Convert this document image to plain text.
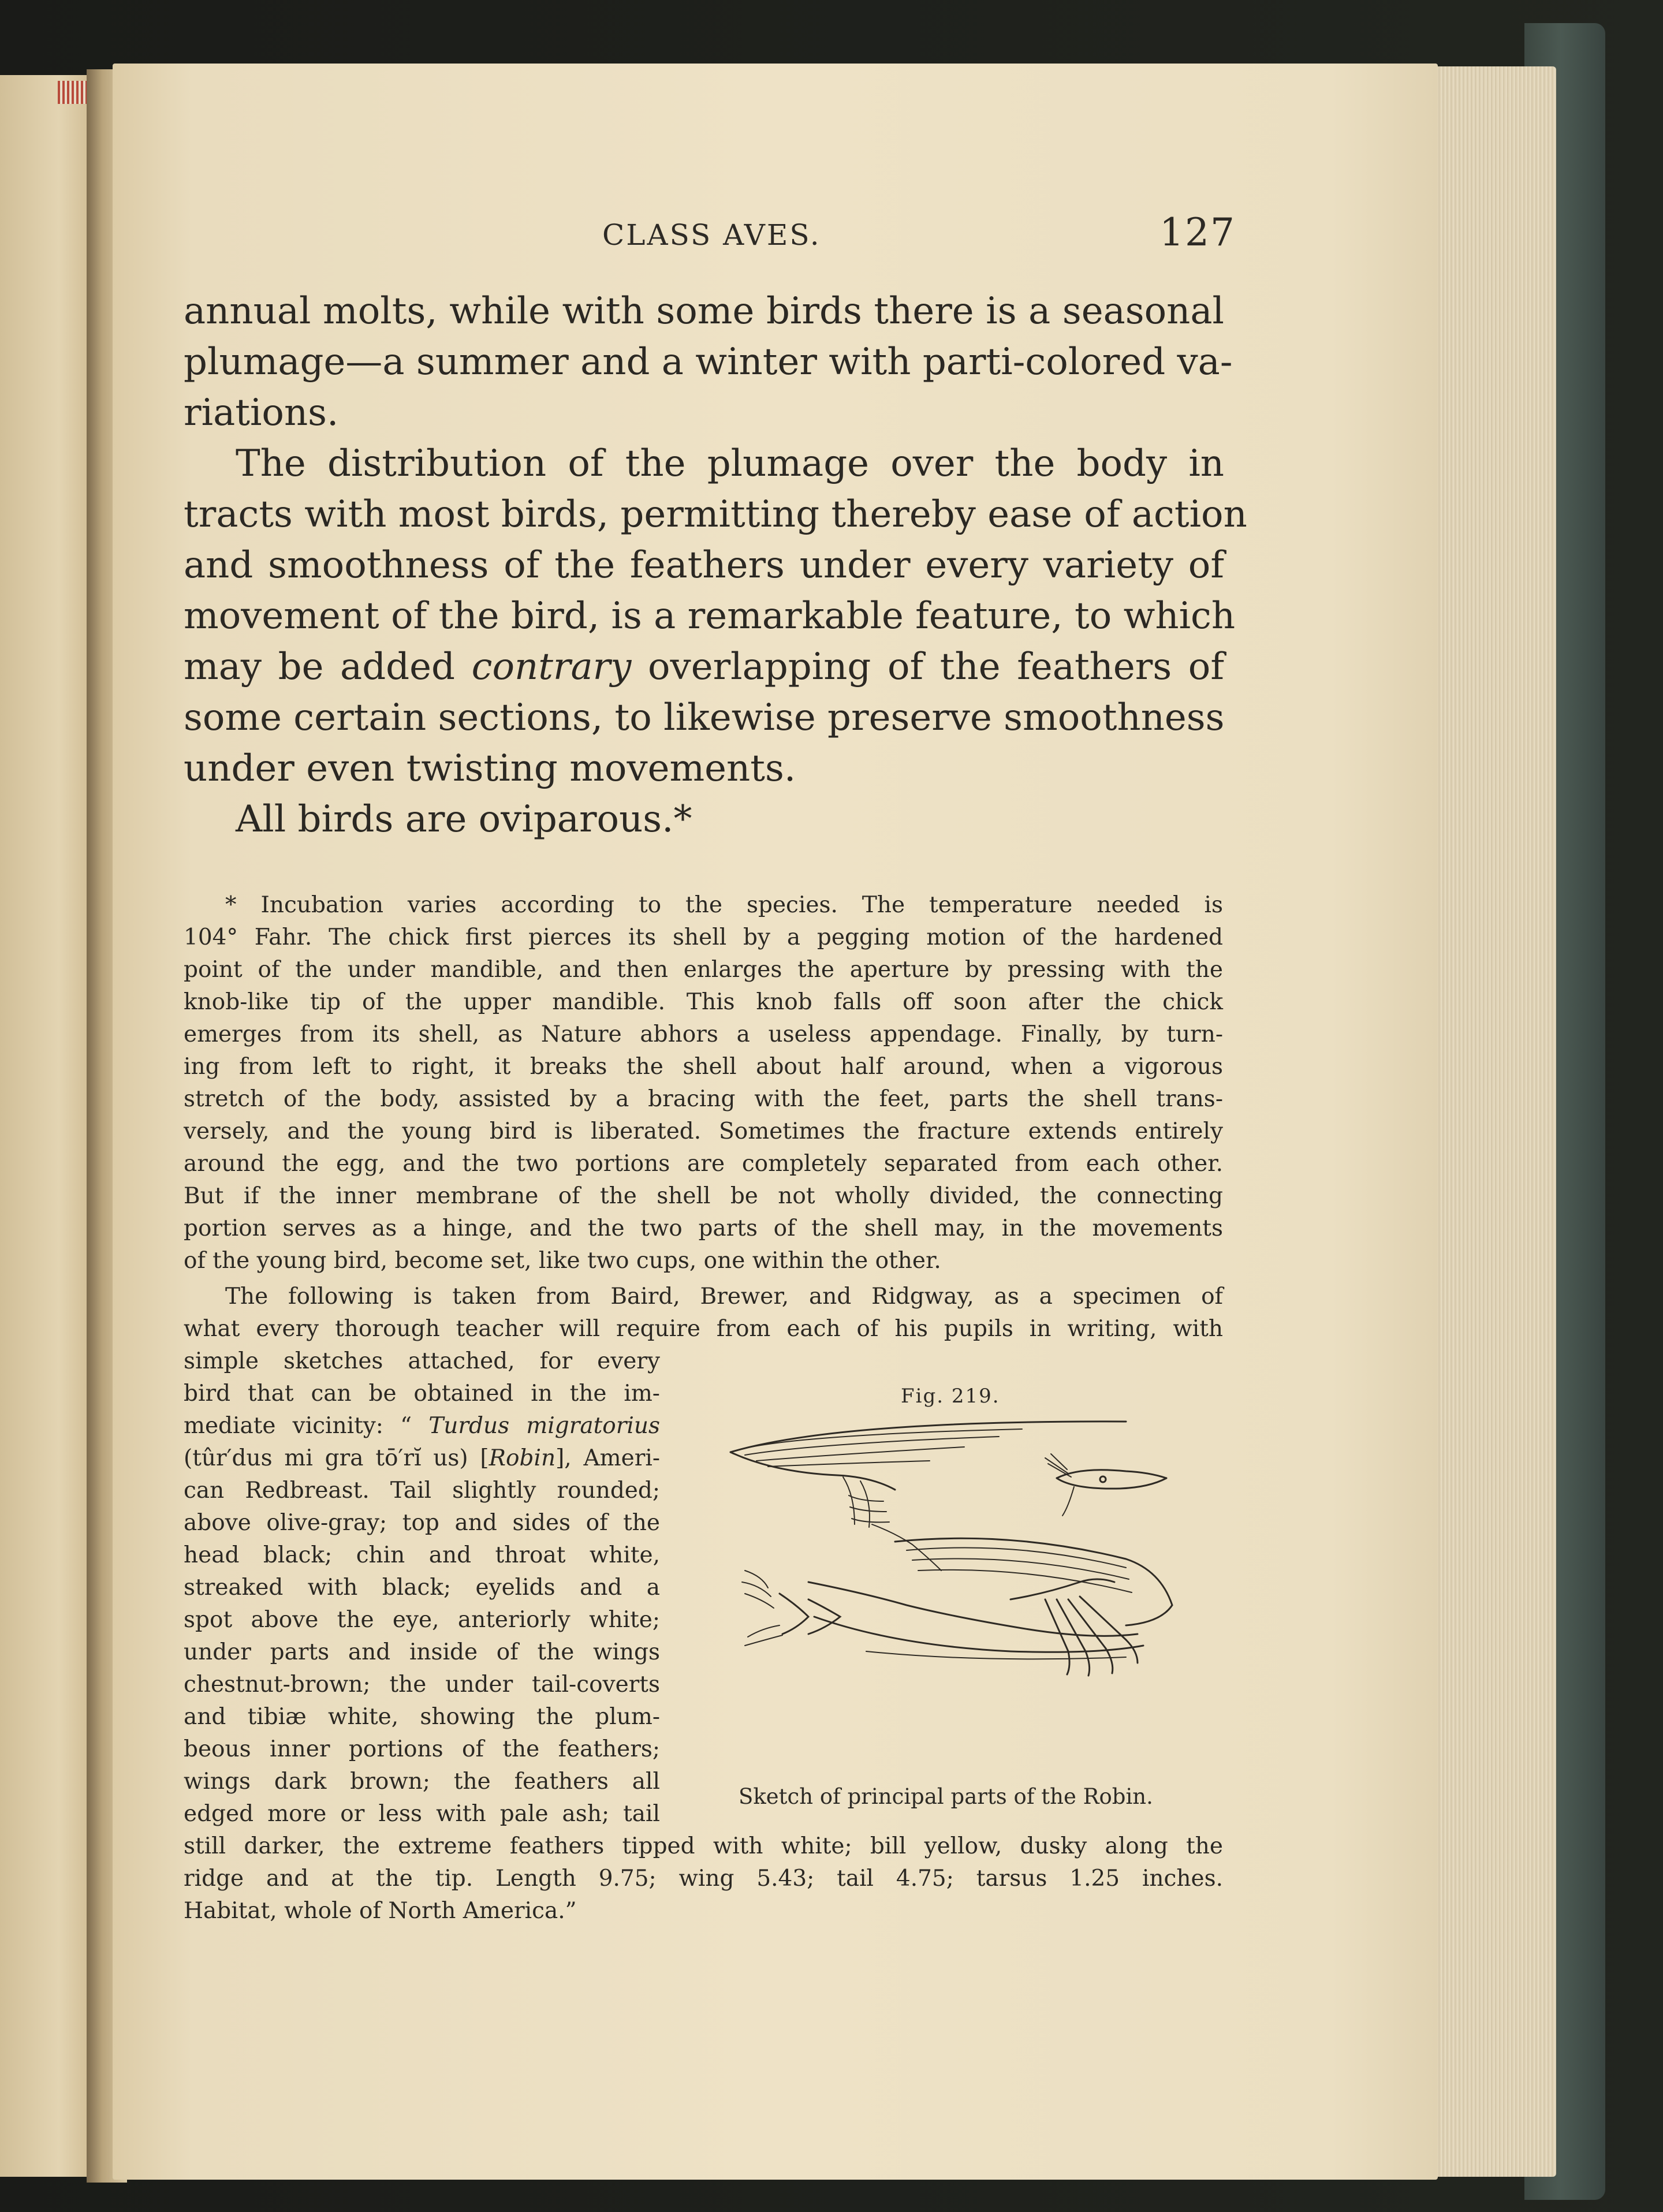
CLASS AVES.	127
annual molts, while with some birds there is a seasonal
plumage—a summer and a winter with parti-colored va-
riations.
The distribution of the plumage over the body in
tracts with most birds, permitting thereby ease of action
and smoothness of the feathers under every variety of
movement of the bird, is a remarkable feature, to which
may be added contrary overlapping of the feathers of
some certain sections, to likewise preserve smoothness
under even twisting movements.
All birds are oviparous.*
* Incubation varies according to the species. The temperature needed is
104° Fahr. The chick first pierces its shell by a pegging motion of the hardened
point of the under mandible, and then enlarges the aperture by pressing with the
knob-like tip of the upper mandible. This knob falls off soon after the chick
emerges from its shell, as Nature abhors a useless appendage. Finally, by turn-
ing from left to right, it breaks the shell about half around, when a vigorous
stretch of the body, assisted by a bracing with the feet, parts the shell trans-
versely, and the young bird is liberated. Sometimes the fracture extends entirely
around the egg, and the two portions are completely separated from each other.
But if the inner membrane of the shell be not wholly divided, the connecting
portion serves as a hinge, and the two parts of the shell may, in the movements
of the young bird, become set, like two cups, one within the other.
The following is taken from Baird, Brewer, and Ridgway, as a specimen of
what every thorough teacher will require from each of his pupils in writing, with
simple sketches attached, for every
bird that can be obtained in the im-
mediate vicinity: “ Turdus migratorius
(tûr′dus mi gra tō′rĭ us) [Robin], Ameri-
can Redbreast. Tail slightly rounded;
above olive-gray; top and sides of the
head black; chin and throat white,
streaked with black; eyelids and a
spot above the eye, anteriorly white;
under parts and inside of the wings
chestnut-brown; the under tail-coverts
and tibiæ white, showing the plum-
beous inner portions of the feathers;
wings dark brown; the feathers all
edged more or less with pale ash; tail
still darker, the extreme feathers tipped with white; bill yellow, dusky along the
ridge and at the tip. Length 9.75; wing 5.43; tail 4.75; tarsus 1.25 inches.
Habitat, whole of North America.”
Fig. 219.
Sketch of principal parts of the Robin.
